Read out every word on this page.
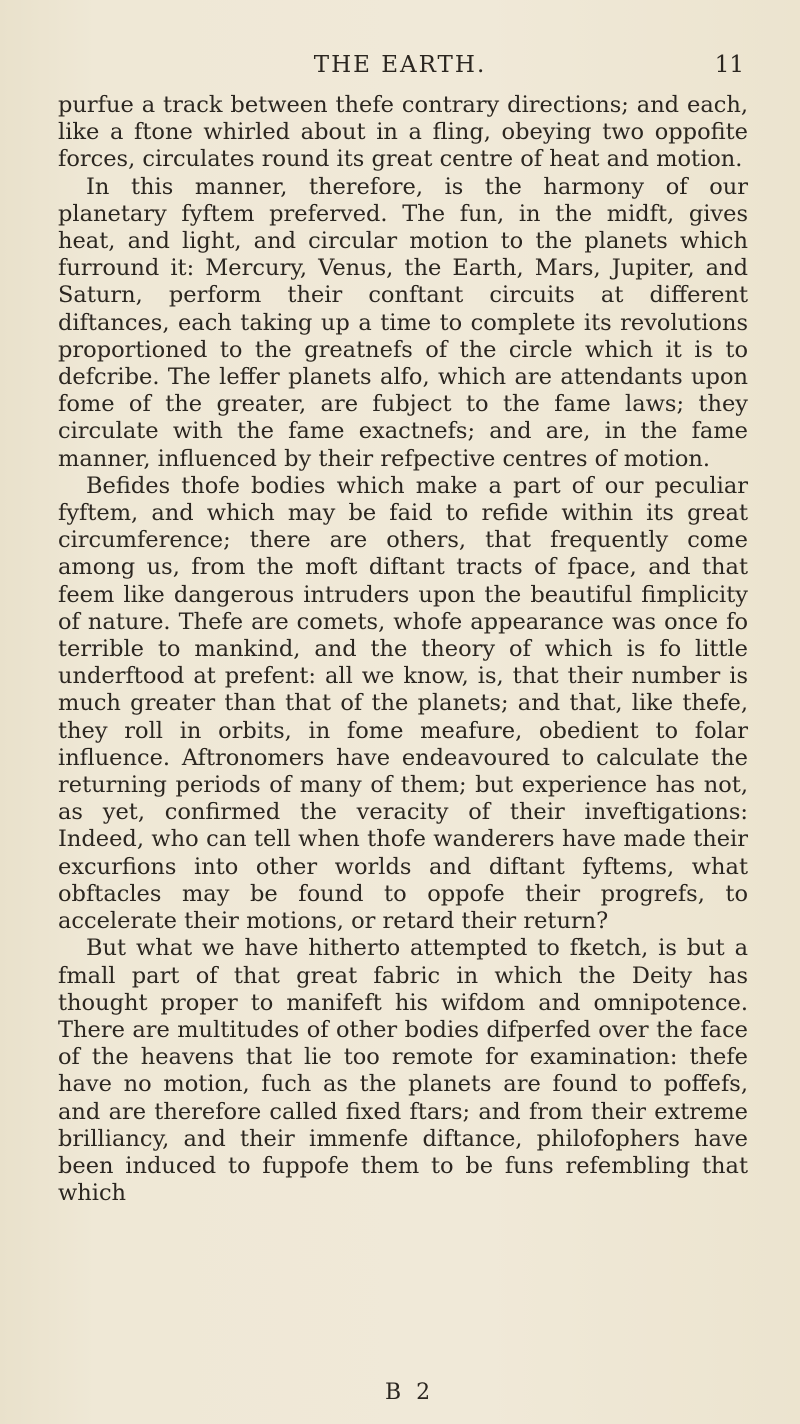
THE EARTH.	11

purfue a track between thefe contrary directions; and each, like a ftone whirled about in a fling, obeying two oppofite forces, circulates round its great centre of heat and motion.

In this manner, therefore, is the harmony of our planetary fyftem preferved. The fun, in the midft, gives heat, and light, and circular motion to the planets which furround it: Mercury, Venus, the Earth, Mars, Jupiter, and Saturn, perform their conftant circuits at different diftances, each taking up a time to complete its revolutions proportioned to the greatnefs of the circle which it is to defcribe. The leffer planets alfo, which are attendants upon fome of the greater, are fubject to the fame laws; they circulate with the fame exactnefs; and are, in the fame manner, influenced by their refpective centres of motion.

Befides thofe bodies which make a part of our peculiar fyftem, and which may be faid to refide within its great circumference; there are others, that frequently come among us, from the moft diftant tracts of fpace, and that feem like dangerous intruders upon the beautiful fimplicity of nature. Thefe are comets, whofe appearance was once fo terrible to mankind, and the theory of which is fo little underftood at prefent: all we know, is, that their number is much greater than that of the planets; and that, like thefe, they roll in orbits, in fome meafure, obedient to folar influence. Aftronomers have endeavoured to calculate the returning periods of many of them; but experience has not, as yet, confirmed the veracity of their inveftigations: Indeed, who can tell when thofe wanderers have made their excurfions into other worlds and diftant fyftems, what obftacles may be found to oppofe their progrefs, to accelerate their motions, or retard their return?

But what we have hitherto attempted to fketch, is but a fmall part of that great fabric in which the Deity has thought proper to manifeft his wifdom and omnipotence. There are multitudes of other bodies difperfed over the face of the heavens that lie too remote for examination: thefe have no motion, fuch as the planets are found to poffefs, and are therefore called fixed ftars; and from their extreme brilliancy, and their immenfe diftance, philofophers have been induced to fuppofe them to be funs refembling that which

B 2
